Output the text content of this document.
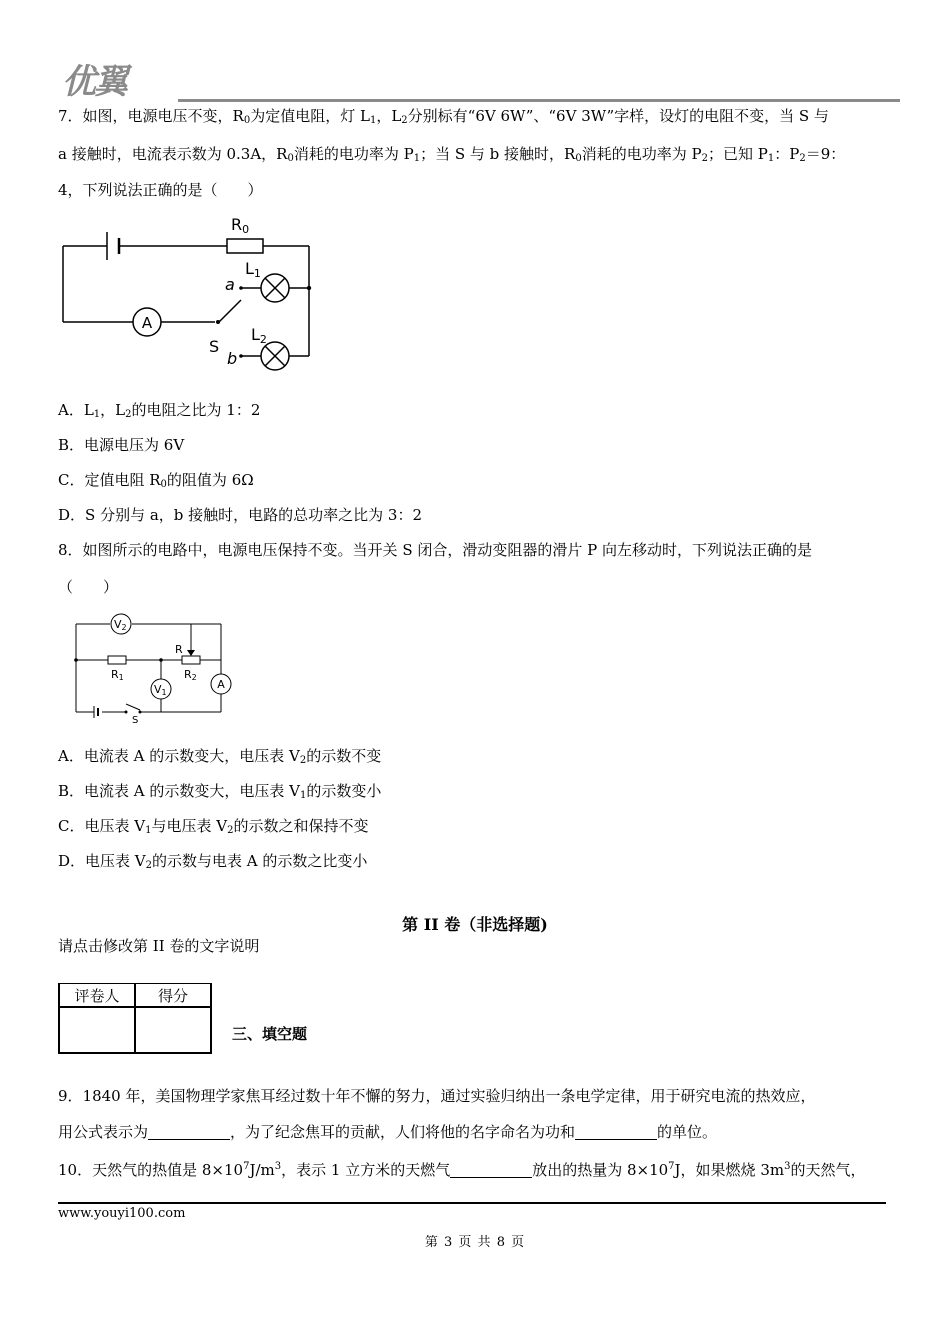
优翼
7．如图，电源电压不变，$R_0$为定值电阻，灯 $L_1$，$L_2$分别标有“6V 6W”、“6V 3W”字样，设灯的电阻不变，当 S 与
a 接触时，电流表示数为 0.3A，$R_0$消耗的电功率为 $P_1$；当 S 与 b 接触时，$R_0$消耗的电功率为 $P_2$；已知 $P_1$：$P_2=9$：
4，下列说法正确的是（　　）
A
R0
L1
L2
a
b
S
A．$L_1$，$L_2$的电阻之比为 1：2
B．电源电压为 6V
C．定值电阻 $R_0$的阻值为 6Ω
D．S 分别与 a，b 接触时，电路的总功率之比为 3：2
8．如图所示的电路中，电源电压保持不变。当开关 S 闭合，滑动变阻器的滑片 P 向左移动时，下列说法正确的是
（　　）
V2
V1
A
R
R1	R2
S
A．电流表 A 的示数变大，电压表 $V_2$的示数不变
B．电流表 A 的示数变大，电压表 $V_1$的示数变小
C．电压表 $V_1$与电压表 $V_2$的示数之和保持不变
D．电压表 $V_2$的示数与电表 A 的示数之比变小
第 II 卷（非选择题)
请点击修改第 II 卷的文字说明
评卷人	得分

三、填空题
9．1840 年，美国物理学家焦耳经过数十年不懈的努力，通过实验归纳出一条电学定律，用于研究电流的热效应，
用公式表示为	，为了纪念焦耳的贡献，人们将他的名字命名为功和	的单位。
10．天然气的热值是 $8\times 10^7J/m^3$，表示 1 立方米的天燃气	放出的热量为 $8\times 10^7J$，如果燃烧 $3m^3$的天然气，
www.youyi100.com
第 3 页 共 8 页
